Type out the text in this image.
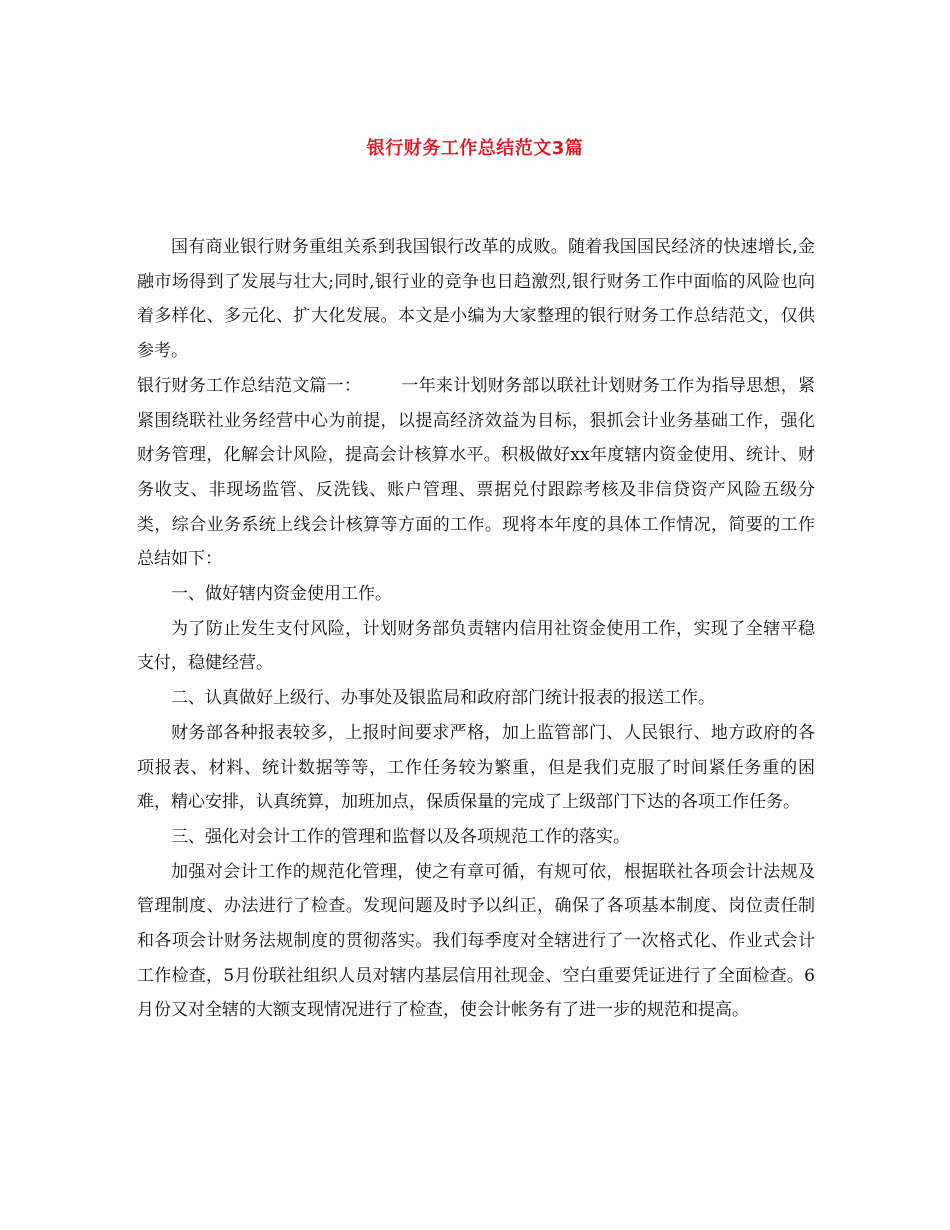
银行财务工作总结范文3篇

国有商业银行财务重组关系到我国银行改革的成败。随着我国国民经济的快速增长,金融市场得到了发展与壮大;同时,银行业的竞争也日趋激烈,银行财务工作中面临的风险也向着多样化、多元化、扩大化发展。本文是小编为大家整理的银行财务工作总结范文，仅供参考。

银行财务工作总结范文篇一： 一年来计划财务部以联社计划财务工作为指导思想，紧紧围绕联社业务经营中心为前提，以提高经济效益为目标，狠抓会计业务基础工作，强化财务管理，化解会计风险，提高会计核算水平。积极做好xx年度辖内资金使用、统计、财务收支、非现场监管、反洗钱、账户管理、票据兑付跟踪考核及非信贷资产风险五级分类，综合业务系统上线会计核算等方面的工作。现将本年度的具体工作情况，简要的工作总结如下：

一、做好辖内资金使用工作。

为了防止发生支付风险，计划财务部负责辖内信用社资金使用工作，实现了全辖平稳支付，稳健经营。

二、认真做好上级行、办事处及银监局和政府部门统计报表的报送工作。

财务部各种报表较多，上报时间要求严格，加上监管部门、人民银行、地方政府的各项报表、材料、统计数据等等，工作任务较为繁重，但是我们克服了时间紧任务重的困难，精心安排，认真统算，加班加点，保质保量的完成了上级部门下达的各项工作任务。

三、强化对会计工作的管理和监督以及各项规范工作的落实。

加强对会计工作的规范化管理，使之有章可循，有规可依，根据联社各项会计法规及管理制度、办法进行了检查。发现问题及时予以纠正，确保了各项基本制度、岗位责任制和各项会计财务法规制度的贯彻落实。我们每季度对全辖进行了一次格式化、作业式会计工作检查，5月份联社组织人员对辖内基层信用社现金、空白重要凭证进行了全面检查。6月份又对全辖的大额支现情况进行了检查，使会计帐务有了进一步的规范和提高。
